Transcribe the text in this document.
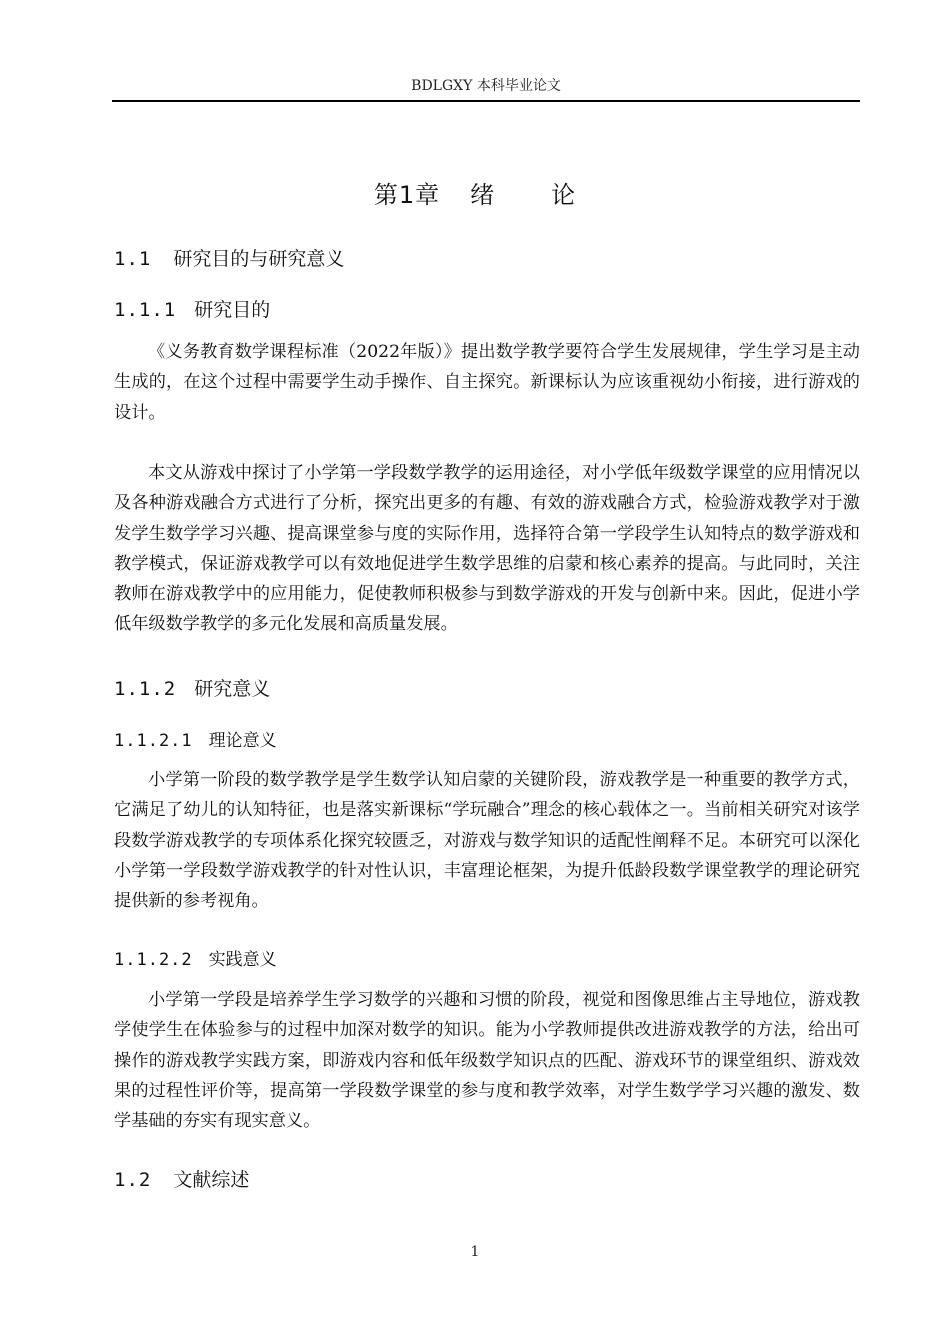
BDLGXY 本科毕业论文
第1章 绪 论
1.1 研究目的与研究意义
1.1.1 研究目的

《义务教育数学课程标准（2022年版）》提出数学教学要符合学生发展规律，学生学习是主动生成的，在这个过程中需要学生动手操作、自主探究。新课标认为应该重视幼小衔接，进行游戏的设计。

本文从游戏中探讨了小学第一学段数学教学的运用途径，对小学低年级数学课堂的应用情况以及各种游戏融合方式进行了分析，探究出更多的有趣、有效的游戏融合方式，检验游戏教学对于激发学生数学学习兴趣、提高课堂参与度的实际作用，选择符合第一学段学生认知特点的数学游戏和教学模式，保证游戏教学可以有效地促进学生数学思维的启蒙和核心素养的提高。与此同时，关注教师在游戏教学中的应用能力，促使教师积极参与到数学游戏的开发与创新中来。因此，促进小学低年级数学教学的多元化发展和高质量发展。

1.1.2 研究意义
1.1.2.1 理论意义

小学第一阶段的数学教学是学生数学认知启蒙的关键阶段，游戏教学是一种重要的教学方式，它满足了幼儿的认知特征，也是落实新课标“学玩融合”理念的核心载体之一。当前相关研究对该学段数学游戏教学的专项体系化探究较匮乏，对游戏与数学知识的适配性阐释不足。本研究可以深化小学第一学段数学游戏教学的针对性认识，丰富理论框架，为提升低龄段数学课堂教学的理论研究提供新的参考视角。

1.1.2.2 实践意义

小学第一学段是培养学生学习数学的兴趣和习惯的阶段，视觉和图像思维占主导地位，游戏教学使学生在体验参与的过程中加深对数学的知识。能为小学教师提供改进游戏教学的方法，给出可操作的游戏教学实践方案，即游戏内容和低年级数学知识点的匹配、游戏环节的课堂组织、游戏效果的过程性评价等，提高第一学段数学课堂的参与度和教学效率，对学生数学学习兴趣的激发、数学基础的夯实有现实意义。

1.2 文献综述
1
